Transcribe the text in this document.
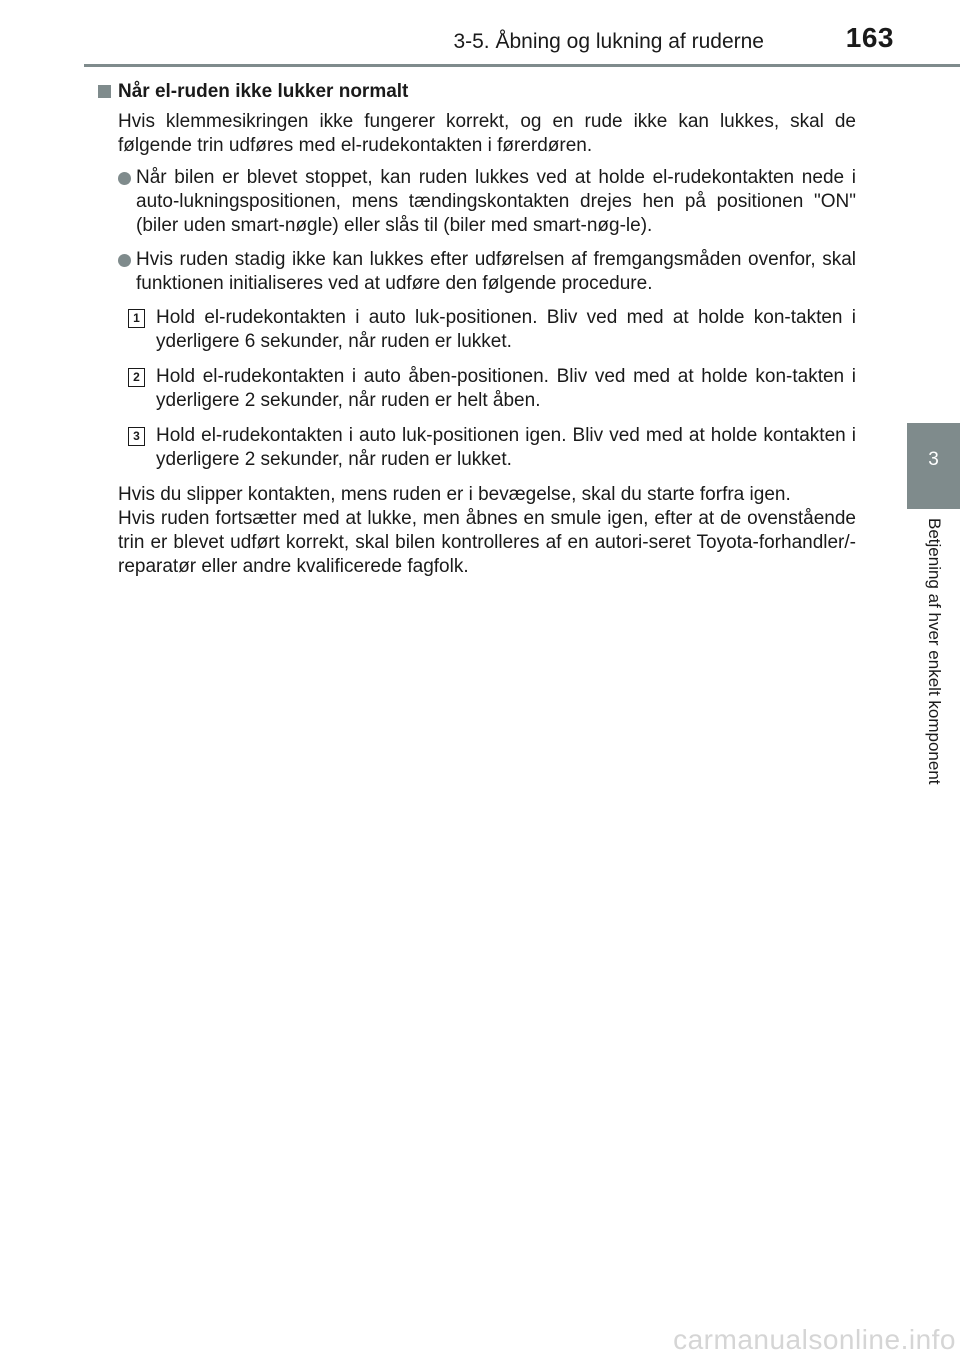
3-5. Åbning og lukning af ruderne	163
3
Betjening af hver enkelt komponent
Når el-ruden ikke lukker normalt
Hvis klemmesikringen ikke fungerer korrekt, og en rude ikke kan lukkes, skal de følgende trin udføres med el-rudekontakten i førerdøren.
Når bilen er blevet stoppet, kan ruden lukkes ved at holde el-rudekontakten nede i auto-lukningspositionen, mens tændingskontakten drejes hen på positionen "ON" (biler uden smart-nøgle) eller slås til (biler med smart-nøg-le).
Hvis ruden stadig ikke kan lukkes efter udførelsen af fremgangsmåden ovenfor, skal funktionen initialiseres ved at udføre den følgende procedure.
1 Hold el-rudekontakten i auto luk-positionen. Bliv ved med at holde kon-takten i yderligere 6 sekunder, når ruden er lukket.
2 Hold el-rudekontakten i auto åben-positionen. Bliv ved med at holde kon-takten i yderligere 2 sekunder, når ruden er helt åben.
3 Hold el-rudekontakten i auto luk-positionen igen. Bliv ved med at holde kontakten i yderligere 2 sekunder, når ruden er lukket.
Hvis du slipper kontakten, mens ruden er i bevægelse, skal du starte forfra igen.
Hvis ruden fortsætter med at lukke, men åbnes en smule igen, efter at de ovenstående trin er blevet udført korrekt, skal bilen kontrolleres af en autori-seret Toyota-forhandler/-reparatør eller andre kvalificerede fagfolk.
carmanualsonline.info
